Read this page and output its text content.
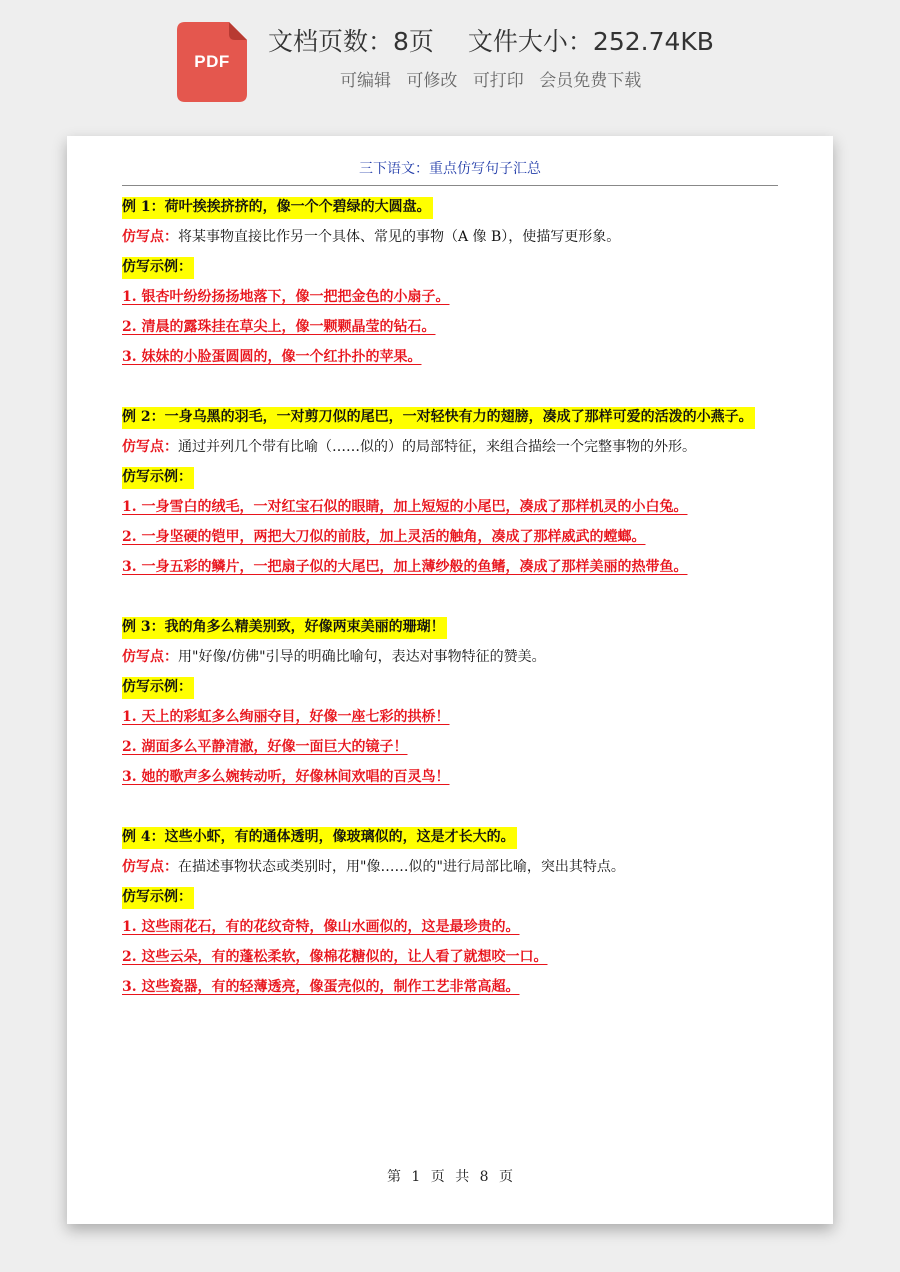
PDF
文档页数：8页 文件大小：252.74KB
可编辑 可修改 可打印 会员免费下载
三下语文：重点仿写句子汇总

例 1：荷叶挨挨挤挤的，像一个个碧绿的大圆盘。

仿写点：将某事物直接比作另一个具体、常见的事物（A 像 B），使描写更形象。

仿写示例：

1. 银杏叶纷纷扬扬地落下，像一把把金色的小扇子。

2. 清晨的露珠挂在草尖上，像一颗颗晶莹的钻石。

3. 妹妹的小脸蛋圆圆的，像一个红扑扑的苹果。

例 2：一身乌黑的羽毛，一对剪刀似的尾巴，一对轻快有力的翅膀，凑成了那样可爱的活泼的小燕子。

仿写点：通过并列几个带有比喻（……似的）的局部特征，来组合描绘一个完整事物的外形。

仿写示例：

1. 一身雪白的绒毛，一对红宝石似的眼睛，加上短短的小尾巴，凑成了那样机灵的小白兔。

2. 一身坚硬的铠甲，两把大刀似的前肢，加上灵活的触角，凑成了那样威武的螳螂。

3. 一身五彩的鳞片，一把扇子似的大尾巴，加上薄纱般的鱼鳍，凑成了那样美丽的热带鱼。

例 3：我的角多么精美别致，好像两束美丽的珊瑚！

仿写点：用"好像/仿佛"引导的明确比喻句，表达对事物特征的赞美。

仿写示例：

1. 天上的彩虹多么绚丽夺目，好像一座七彩的拱桥！

2. 湖面多么平静清澈，好像一面巨大的镜子！

3. 她的歌声多么婉转动听，好像林间欢唱的百灵鸟！

例 4：这些小虾，有的通体透明，像玻璃似的，这是才长大的。

仿写点：在描述事物状态或类别时，用"像……似的"进行局部比喻，突出其特点。

仿写示例：

1. 这些雨花石，有的花纹奇特，像山水画似的，这是最珍贵的。

2. 这些云朵，有的蓬松柔软，像棉花糖似的，让人看了就想咬一口。

3. 这些瓷器，有的轻薄透亮，像蛋壳似的，制作工艺非常高超。

第 1 页 共 8 页
